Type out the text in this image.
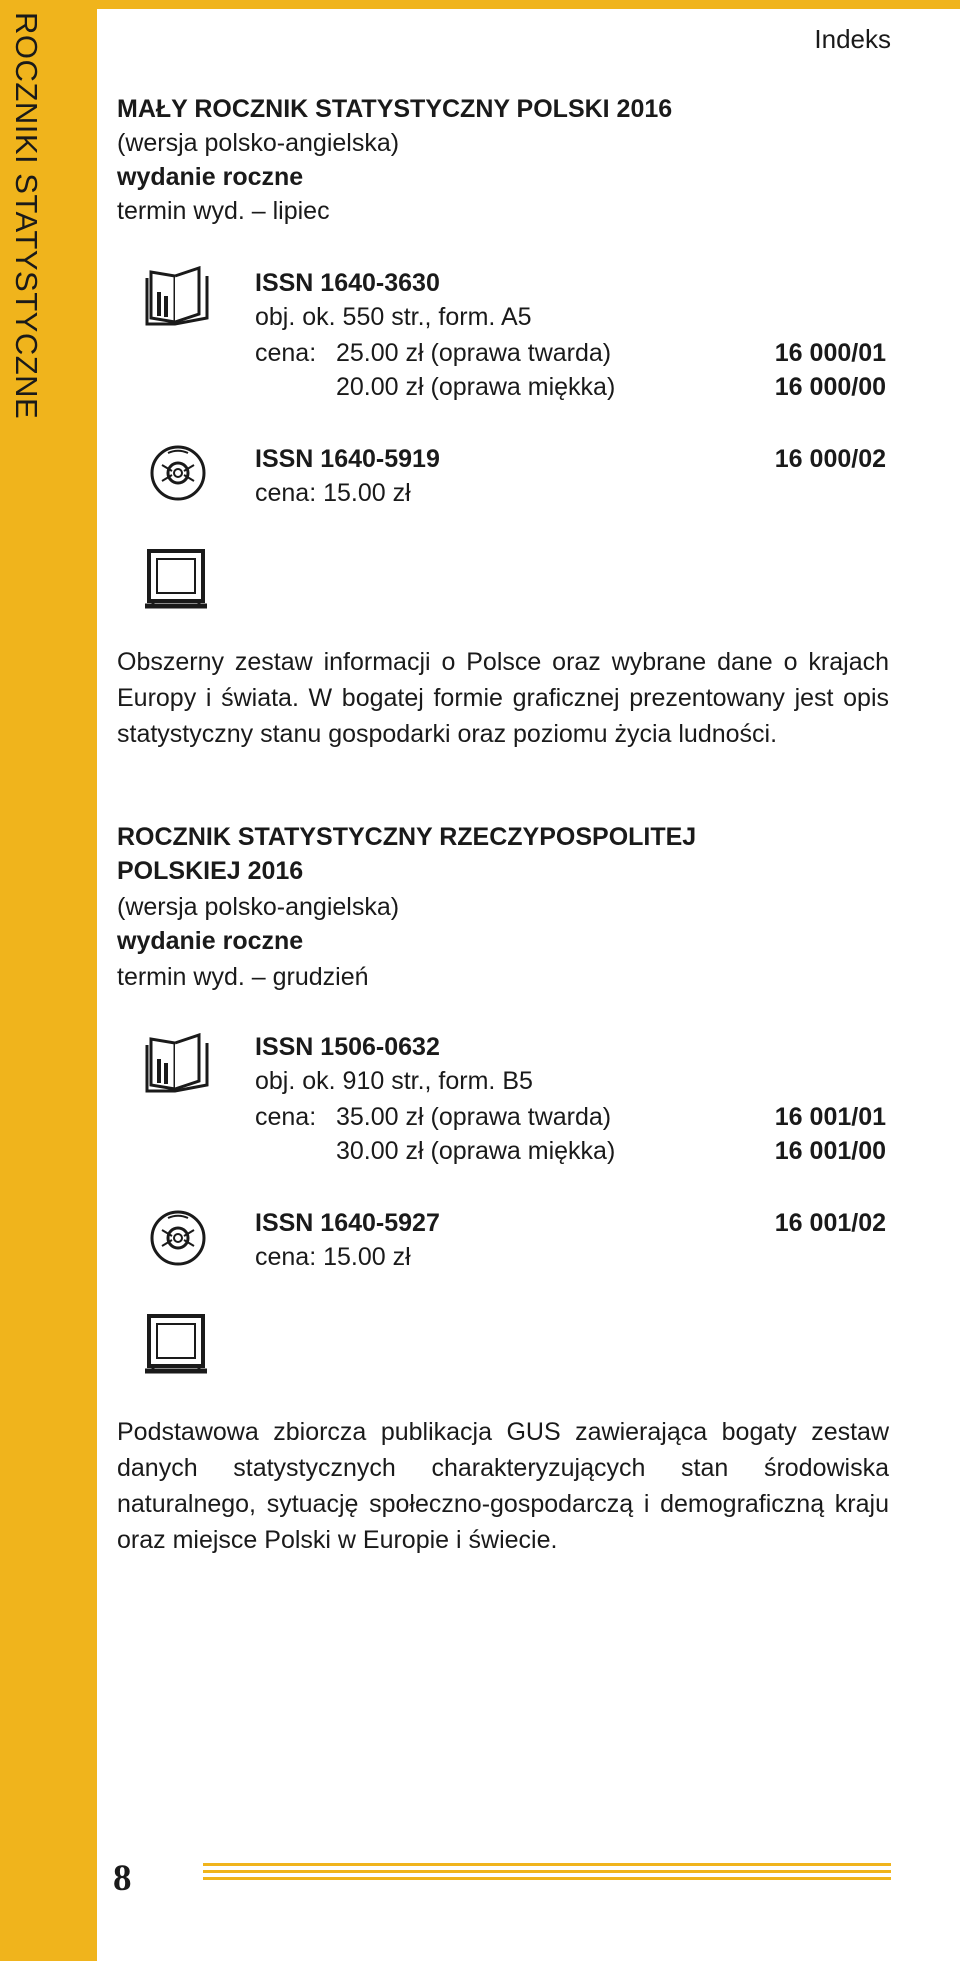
ROCZNIKI STATYSTYCZNE	Indeks
MAŁY ROCZNIK STATYSTYCZNY POLSKI 2016
(wersja polsko-angielska)
wydanie roczne
termin wyd. – lipiec
ISSN 1640-3630
obj. ok. 550 str., form. A5
cena: 25.00 zł (oprawa twarda)	16 000/01
20.00 zł (oprawa miękka)	16 000/00
ISSN 1640-5919	16 000/02
cena: 15.00 zł
Obszerny zestaw informacji o Polsce oraz wybrane dane o krajach Europy i świata. W bogatej formie graficznej prezentowany jest opis statystyczny stanu gospodarki oraz poziomu życia ludności.
ROCZNIK STATYSTYCZNY RZECZYPOSPOLITEJ
POLSKIEJ 2016
(wersja polsko-angielska)
wydanie roczne
termin wyd. – grudzień
ISSN 1506-0632
obj. ok. 910 str., form. B5
cena: 35.00 zł (oprawa twarda)	16 001/01
30.00 zł (oprawa miękka)	16 001/00
ISSN 1640-5927	16 001/02
cena: 15.00 zł
Podstawowa zbiorcza publikacja GUS zawierająca bogaty zestaw danych statystycznych charakteryzujących stan środowiska naturalnego, sytuację społeczno-gospodarczą i demograficzną kraju oraz miejsce Polski w Europie i świecie.
8
